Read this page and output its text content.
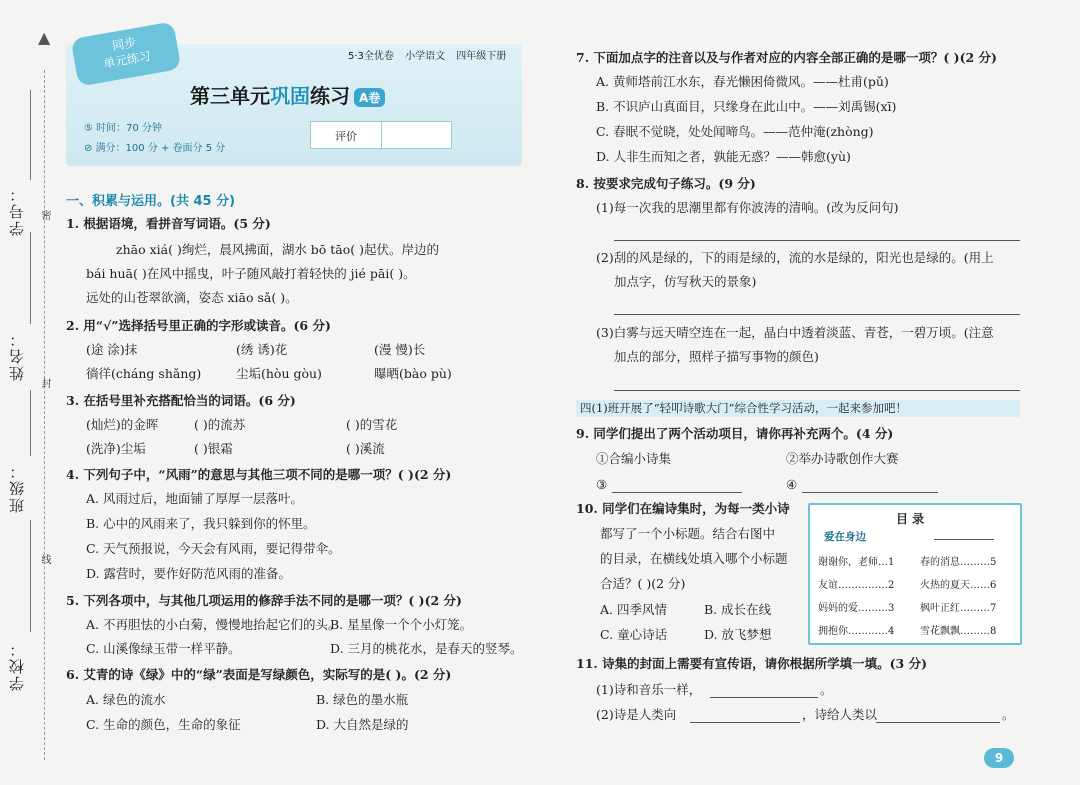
▲
学号： 密
姓名：
封
班级：
线
学校：
同步
单元练习	5·3全优卷 小学语文 四年级下册
第三单元巩固练习 A卷
⑤ 时间：70 分钟
⊘ 满分：100 分 + 卷面分 5 分
评价
一、积累与运用。(共 45 分)
1. 根据语境，看拼音写词语。(5 分)
zhāo xiá( )绚烂，晨风拂面，湖水 bō tāo( )起伏。岸边的
bái huā( )在风中摇曳，叶子随风敲打着轻快的 jié pāi( )。
远处的山苍翠欲滴，姿态 xiāo sǎ( )。
2. 用“√”选择括号里正确的字形或读音。(6 分)
(途 涂)抹	(绣 诱)花	(漫 慢)长
徜徉(cháng shǎng)	尘垢(hòu gòu)	曝晒(bào pù)
3. 在括号里补充搭配恰当的词语。(6 分)
(灿烂)的金晖	( )的流苏	( )的雪花
(洗净)尘垢	( )银霜	( )溪流
4. 下列句子中，“风雨”的意思与其他三项不同的是哪一项？( )(2 分)
A. 风雨过后，地面铺了厚厚一层落叶。
B. 心中的风雨来了，我只躲到你的怀里。
C. 天气预报说，今天会有风雨，要记得带伞。
D. 露营时，要作好防范风雨的准备。
5. 下列各项中，与其他几项运用的修辞手法不同的是哪一项？( )(2 分)
A. 不再胆怯的小白菊，慢慢地抬起它们的头。
B. 星星像一个个小灯笼。
C. 山溪像绿玉带一样平静。	D. 三月的桃花水，是春天的竖琴。
6. 艾青的诗《绿》中的“绿”表面是写绿颜色，实际写的是( )。(2 分)
A. 绿色的流水	B. 绿色的墨水瓶
C. 生命的颜色，生命的象征	D. 大自然是绿的
7. 下面加点字的注音以及与作者对应的内容全部正确的是哪一项？( )(2 分)
A. 黄师塔前江水东，春光懒困倚微风。——杜甫(pǔ)
B. 不识庐山真面目，只缘身在此山中。——刘禹锡(xī)
C. 春眠不觉晓，处处闻啼鸟。——范仲淹(zhòng)
D. 人非生而知之者，孰能无惑？——韩愈(yù)
8. 按要求完成句子练习。(9 分)
(1)每一次我的思潮里都有你波涛的清响。(改为反问句)
(2)刮的风是绿的，下的雨是绿的，流的水是绿的，阳光也是绿的。(用上
加点字，仿写秋天的景象)
(3)白雾与远天晴空连在一起，晶白中透着淡蓝、青苍，一碧万顷。(注意
加点的部分，照样子描写事物的颜色)
四(1)班开展了“轻叩诗歌大门”综合性学习活动，一起来参加吧！
9. 同学们提出了两个活动项目，请你再补充两个。(4 分)
①合编小诗集	②举办诗歌创作大赛
③	④
10. 同学们在编诗集时，为每一类小诗
都写了一个小标题。结合右图中
的目录，在横线处填入哪个小标题
合适？( )(2 分)
A. 四季风情	B. 成长在线
C. 童心诗话	D. 放飞梦想
目 录
爱在身边
谢谢你，老师…1
友谊……………2
妈妈的爱………3
拥抱你…………4
春的消息………5
火热的夏天……6
枫叶正红………7
雪花飘飘………8
11. 诗集的封面上需要有宣传语，请你根据所学填一填。(3 分)
(1)诗和音乐一样，	。
(2)诗是人类向	，诗给人类以	。
9
